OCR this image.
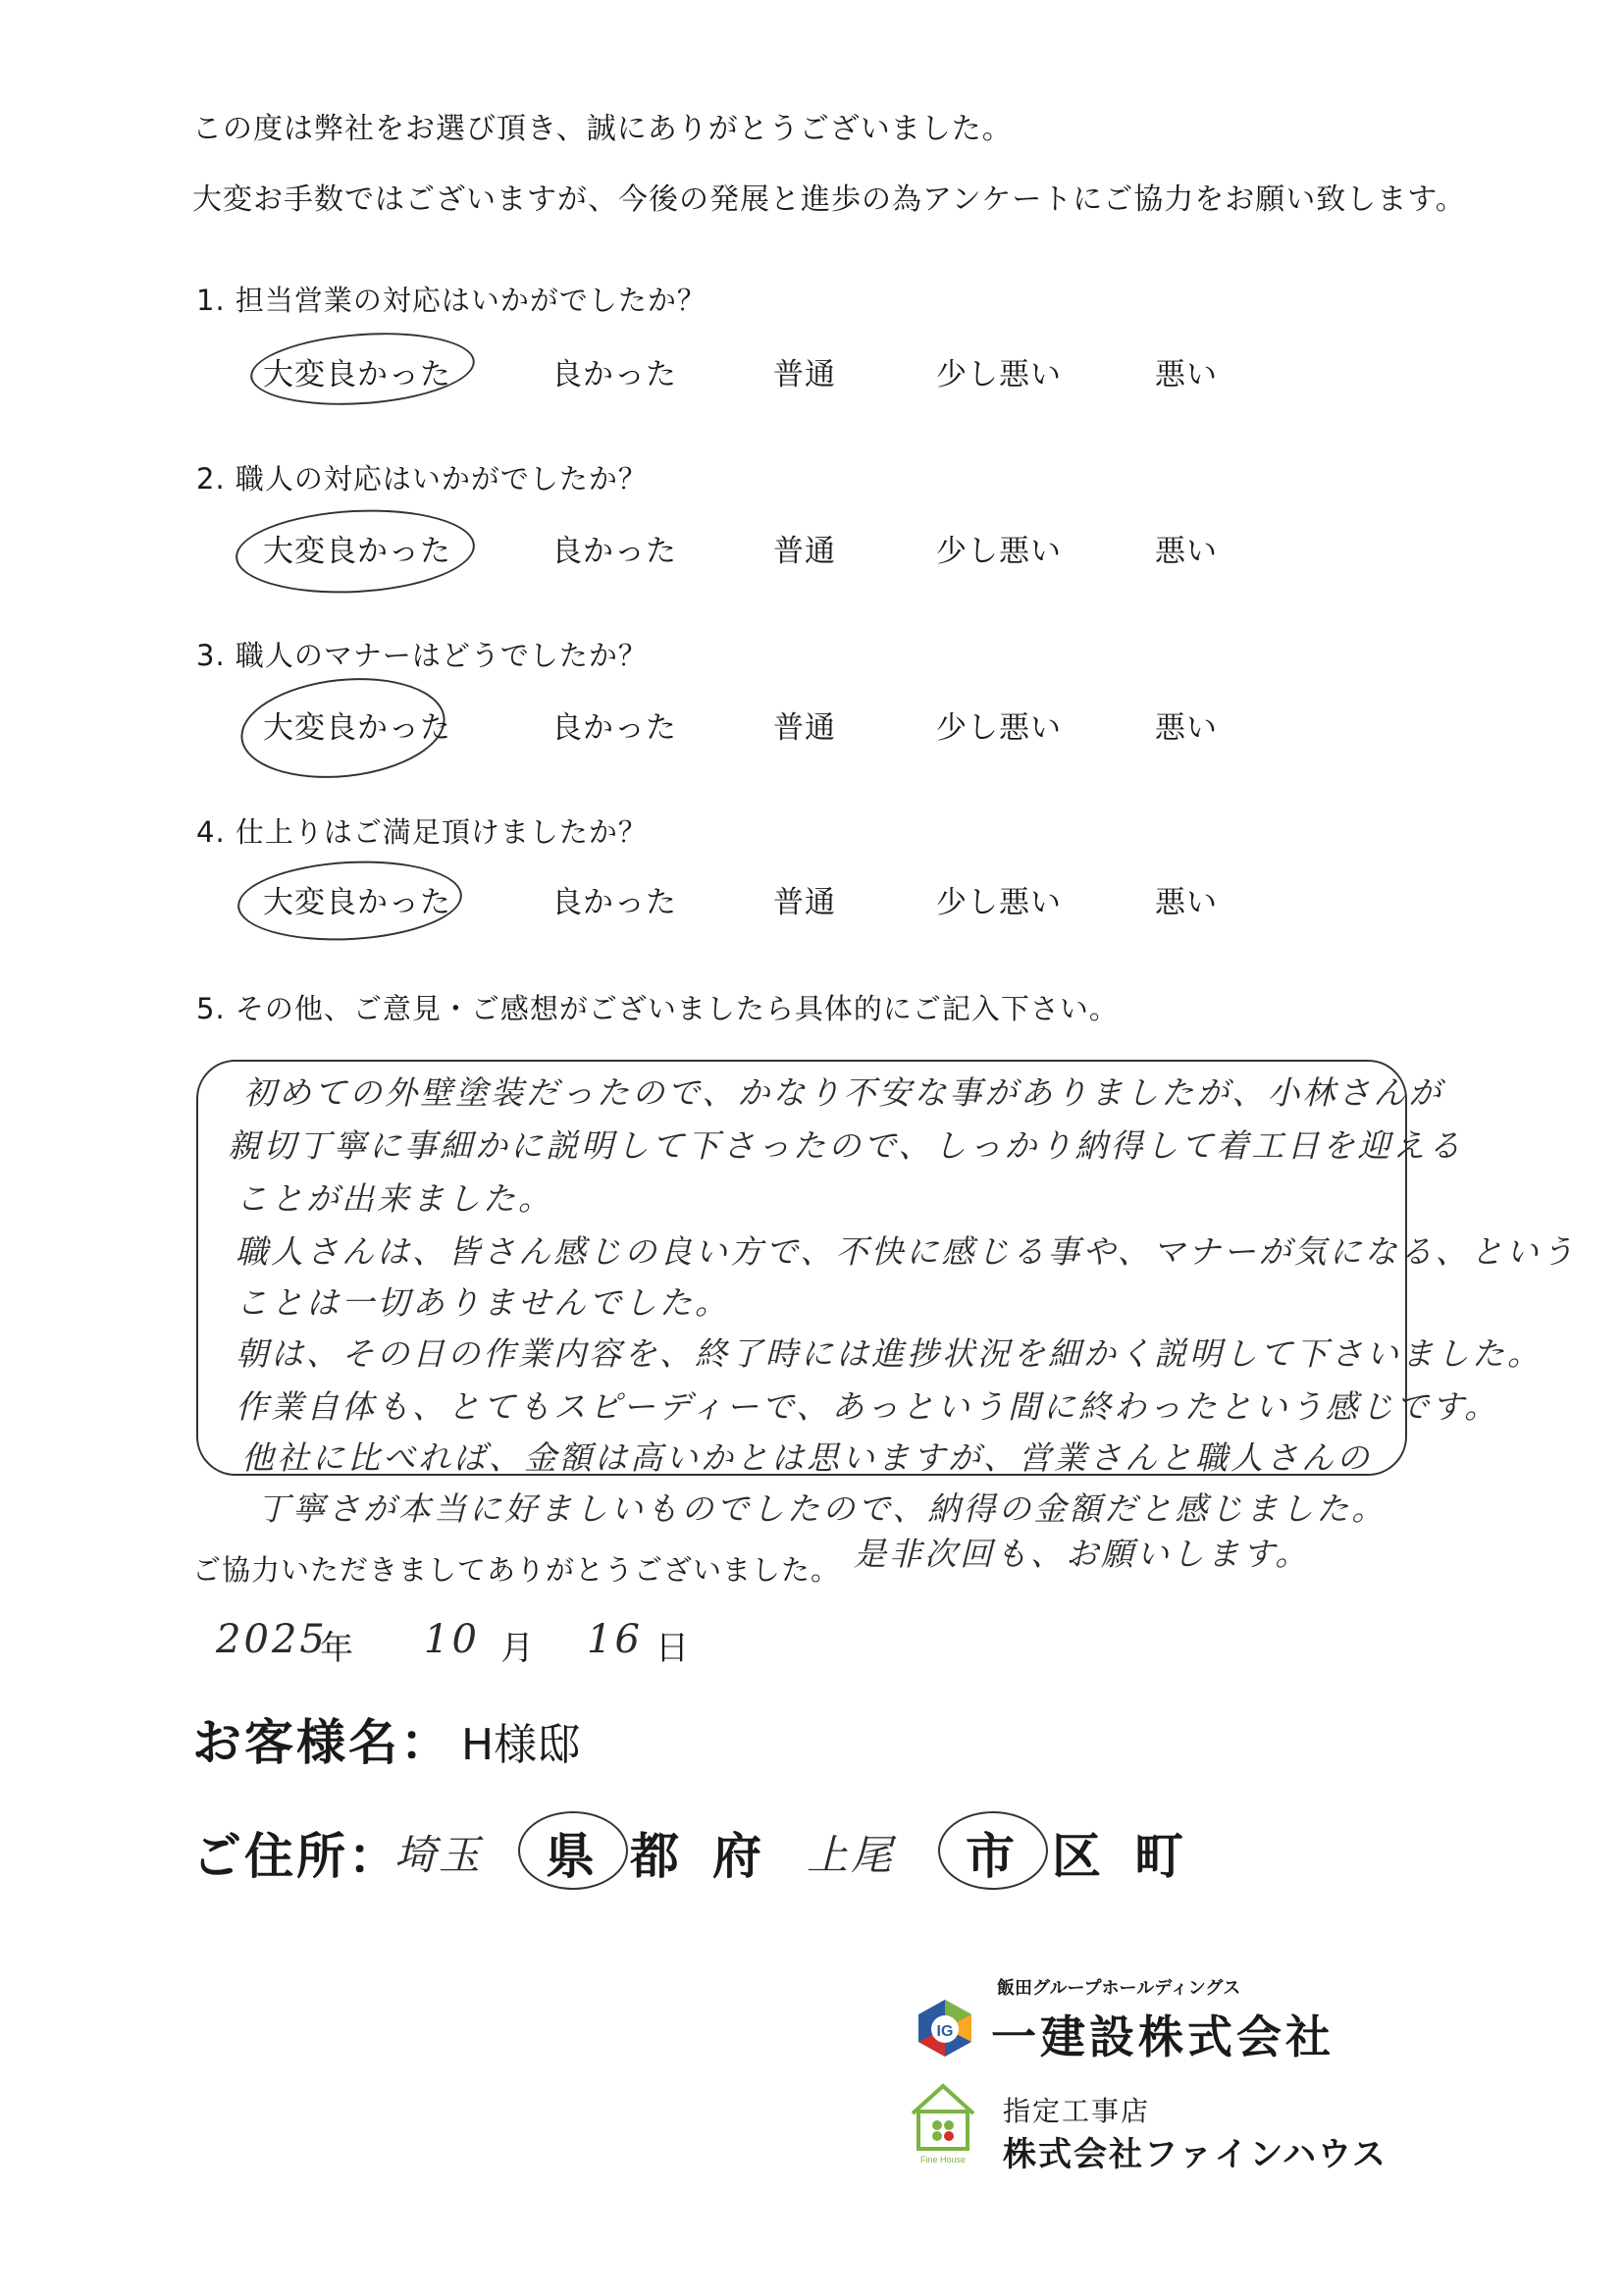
この度は弊社をお選び頂き、誠にありがとうございました。
大変お手数ではございますが、今後の発展と進歩の為アンケートにご協力をお願い致します。
1. 担当営業の対応はいかがでしたか？
大変良かった	良かった	普通	少し悪い	悪い
2. 職人の対応はいかがでしたか？
大変良かった	良かった	普通	少し悪い	悪い
3. 職人のマナーはどうでしたか？
大変良かった	良かった	普通	少し悪い	悪い
4. 仕上りはご満足頂けましたか？
大変良かった	良かった	普通	少し悪い	悪い
5. その他、ご意見・ご感想がございましたら具体的にご記入下さい。
初めての外壁塗装だったので、かなり不安な事がありましたが、小林さんが
親切丁寧に事細かに説明して下さったので、しっかり納得して着工日を迎える
ことが出来ました。
職人さんは、皆さん感じの良い方で、不快に感じる事や、マナーが気になる、という
ことは一切ありませんでした。
朝は、その日の作業内容を、終了時には進捗状況を細かく説明して下さいました。
作業自体も、とてもスピーディーで、あっという間に終わったという感じです。
他社に比べれば、金額は高いかとは思いますが、営業さんと職人さんの
丁寧さが本当に好ましいものでしたので、納得の金額だと感じました。
ご協力いただきましてありがとうございました。 是非次回も、お願いします。
2025
年 10 月 16 日
お客様名： H様邸
ご住所：
埼玉 県 都 府 上尾 市 区 町
飯田グループホールディングス
IG 一建設株式会社
Fine House
指定工事店
株式会社ファインハウス
